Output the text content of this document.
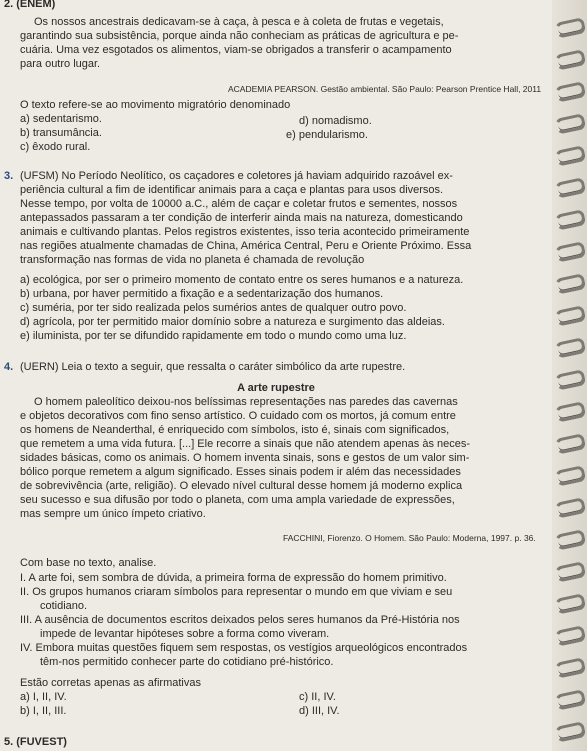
2. (ENEM)
Os nossos ancestrais dedicavam-se à caça, à pesca e à coleta de frutas e vegetais,
garantindo sua subsistência, porque ainda não conheciam as práticas de agricultura e pe-
cuária. Uma vez esgotados os alimentos, viam-se obrigados a transferir o acampamento
para outro lugar.
ACADEMIA PEARSON. Gestão ambiental. São Paulo: Pearson Prentice Hall, 2011
O texto refere-se ao movimento migratório denominado
a) sedentarismo.
b) transumância.
c) êxodo rural.
d) nomadismo.
e) pendularismo.
3. (UFSM) No Período Neolítico, os caçadores e coletores já haviam adquirido razoável ex-
periência cultural a fim de identificar animais para a caça e plantas para usos diversos.
Nesse tempo, por volta de 10000 a.C., além de caçar e coletar frutos e sementes, nossos
antepassados passaram a ter condição de interferir ainda mais na natureza, domesticando
animais e cultivando plantas. Pelos registros existentes, isso teria acontecido primeiramente
nas regiões atualmente chamadas de China, América Central, Peru e Oriente Próximo. Essa
transformação nas formas de vida no planeta é chamada de revolução
a) ecológica, por ser o primeiro momento de contato entre os seres humanos e a natureza.
b) urbana, por haver permitido a fixação e a sedentarização dos humanos.
c) suméria, por ter sido realizada pelos sumérios antes de qualquer outro povo.
d) agrícola, por ter permitido maior domínio sobre a natureza e surgimento das aldeias.
e) iluminista, por ter se difundido rapidamente em todo o mundo como uma luz.
4. (UERN) Leia o texto a seguir, que ressalta o caráter simbólico da arte rupestre.
A arte rupestre
O homem paleolítico deixou-nos belíssimas representações nas paredes das cavernas
e objetos decorativos com fino senso artístico. O cuidado com os mortos, já comum entre
os homens de Neanderthal, é enriquecido com símbolos, isto é, sinais com significados,
que remetem a uma vida futura. [...] Ele recorre a sinais que não atendem apenas às neces-
sidades básicas, como os animais. O homem inventa sinais, sons e gestos de um valor sim-
bólico porque remetem a algum significado. Esses sinais podem ir além das necessidades
de sobrevivência (arte, religião). O elevado nível cultural desse homem já moderno explica
seu sucesso e sua difusão por todo o planeta, com uma ampla variedade de expressões,
mas sempre um único ímpeto criativo.
FACCHINI, Fiorenzo. O Homem. São Paulo: Moderna, 1997. p. 36.
Com base no texto, analise.
I. A arte foi, sem sombra de dúvida, a primeira forma de expressão do homem primitivo.
II. Os grupos humanos criaram símbolos para representar o mundo em que viviam e seu
cotidiano.
III. A ausência de documentos escritos deixados pelos seres humanos da Pré-História nos
impede de levantar hipóteses sobre a forma como viveram.
IV. Embora muitas questões fiquem sem respostas, os vestígios arqueológicos encontrados
têm-nos permitido conhecer parte do cotidiano pré-histórico.
Estão corretas apenas as afirmativas
a) I, II, IV.
b) I, II, III.
c) II, IV.
d) III, IV.
5. (FUVEST)
